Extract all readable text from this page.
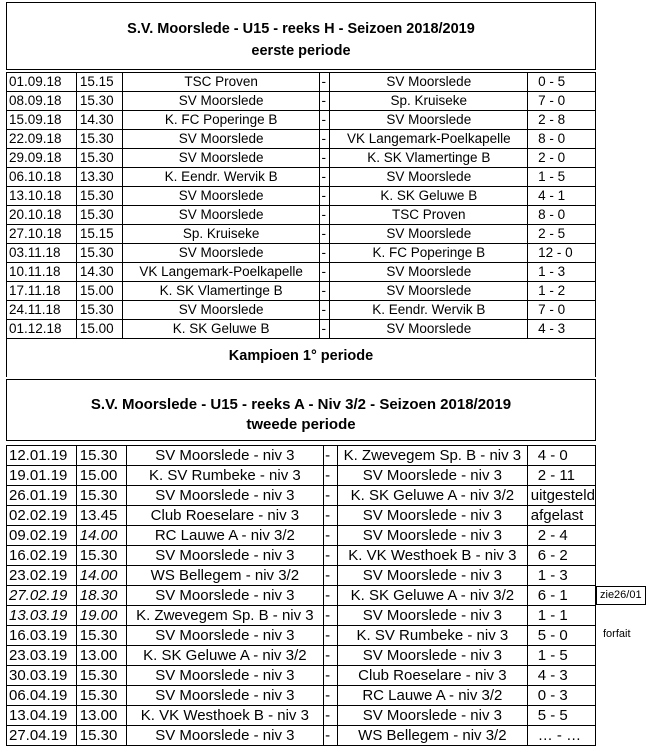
S.V. Moorslede - U15 - reeks H - Seizoen 2018/2019
eerste periode
01.09.18	15.15	TSC Proven	-	SV Moorslede	0 - 5
08.09.18	15.30	SV Moorslede	-	Sp. Kruiseke	7 - 0
15.09.18	14.30	K. FC Poperinge B	-	SV Moorslede	2 - 8
22.09.18	15.30	SV Moorslede	-	VK Langemark-Poelkapelle	8 - 0
29.09.18	15.30	SV Moorslede	-	K. SK Vlamertinge B	2 - 0
06.10.18	13.30	K. Eendr. Wervik B	-	SV Moorslede	1 - 5
13.10.18	15.30	SV Moorslede	-	K. SK Geluwe B	4 - 1
20.10.18	15.30	SV Moorslede	-	TSC Proven	8 - 0
27.10.18	15.15	Sp. Kruiseke	-	SV Moorslede	2 - 5
03.11.18	15.30	SV Moorslede	-	K. FC Poperinge B	12 - 0
10.11.18	14.30	VK Langemark-Poelkapelle	-	SV Moorslede	1 - 3
17.11.18	15.00	K. SK Vlamertinge B	-	SV Moorslede	1 - 2
24.11.18	15.30	SV Moorslede	-	K. Eendr. Wervik B	7 - 0
01.12.18	15.00	K. SK Geluwe B	-	SV Moorslede	4 - 3
Kampioen 1° periode
S.V. Moorslede - U15 - reeks A - Niv 3/2 - Seizoen 2018/2019
tweede periode
12.01.19	15.30	SV Moorslede - niv 3	-	K. Zwevegem Sp. B - niv 3	4 - 0
19.01.19	15.00	K. SV Rumbeke - niv 3	-	SV Moorslede - niv 3	2 - 11
26.01.19	15.30	SV Moorslede - niv 3	-	K. SK Geluwe A - niv 3/2	uitgesteld
02.02.19	13.45	Club Roeselare - niv 3	-	SV Moorslede - niv 3	afgelast
09.02.19	14.00	RC Lauwe A - niv 3/2	-	SV Moorslede - niv 3	2 - 4
16.02.19	15.30	SV Moorslede - niv 3	-	K. VK Westhoek B - niv 3	6 - 2
23.02.19	14.00	WS Bellegem - niv 3/2	-	SV Moorslede - niv 3	1 - 3
27.02.19	18.30	SV Moorslede - niv 3	-	K. SK Geluwe A - niv 3/2	6 - 1
13.03.19	19.00	K. Zwevegem Sp. B - niv 3	-	SV Moorslede - niv 3	1 - 1
16.03.19	15.30	SV Moorslede - niv 3	-	K. SV Rumbeke - niv 3	5 - 0
23.03.19	13.00	K. SK Geluwe A - niv 3/2	-	SV Moorslede - niv 3	1 - 5
30.03.19	15.30	SV Moorslede - niv 3	-	Club Roeselare - niv 3	4 - 3
06.04.19	15.30	SV Moorslede - niv 3	-	RC Lauwe A - niv 3/2	0 - 3
13.04.19	13.00	K. VK Westhoek B - niv 3	-	SV Moorslede - niv 3	5 - 5
27.04.19	15.30	SV Moorslede - niv 3	-	WS Bellegem - niv 3/2	… - …
zie26/01
forfait
